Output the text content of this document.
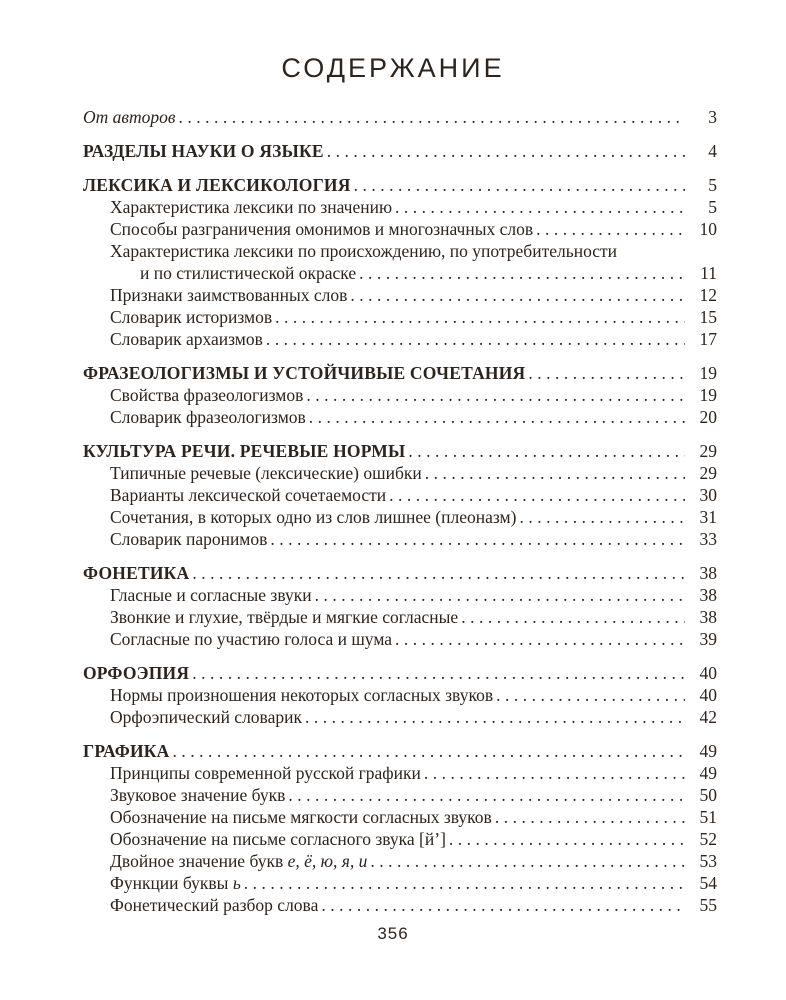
СОДЕРЖАНИЕ
От авторов .....	3
РАЗДЕЛЫ НАУКИ О ЯЗЫКЕ .....	4
ЛЕКСИКА И ЛЕКСИКОЛОГИЯ .....	5
Характеристика лексики по значению .....	5
Способы разграничения омонимов и многозначных слов .....	10
Характеристика лексики по происхождению, по употребительности
и по стилистической окраске .....	11
Признаки заимствованных слов .....	12
Словарик историзмов .....	15
Словарик архаизмов .....	17
ФРАЗЕОЛОГИЗМЫ И УСТОЙЧИВЫЕ СОЧЕТАНИЯ .....	19
Свойства фразеологизмов .....	19
Словарик фразеологизмов .....	20
КУЛЬТУРА РЕЧИ. РЕЧЕВЫЕ НОРМЫ .....	29
Типичные речевые (лексические) ошибки .....	29
Варианты лексической сочетаемости .....	30
Сочетания, в которых одно из слов лишнее (плеоназм) .....	31
Словарик паронимов .....	33
ФОНЕТИКА .....	38
Гласные и согласные звуки .....	38
Звонкие и глухие, твёрдые и мягкие согласные .....	38
Согласные по участию голоса и шума .....	39
ОРФОЭПИЯ .....	40
Нормы произношения некоторых согласных звуков .....	40
Орфоэпический словарик .....	42
ГРАФИКА .....	49
Принципы современной русской графики .....	49
Звуковое значение букв .....	50
Обозначение на письме мягкости согласных звуков .....	51
Обозначение на письме согласного звука [й’] .....	52
Двойное значение букв е, ё, ю, я, и .....	53
Функции буквы ь .....	54
Фонетический разбор слова .....	55
356
